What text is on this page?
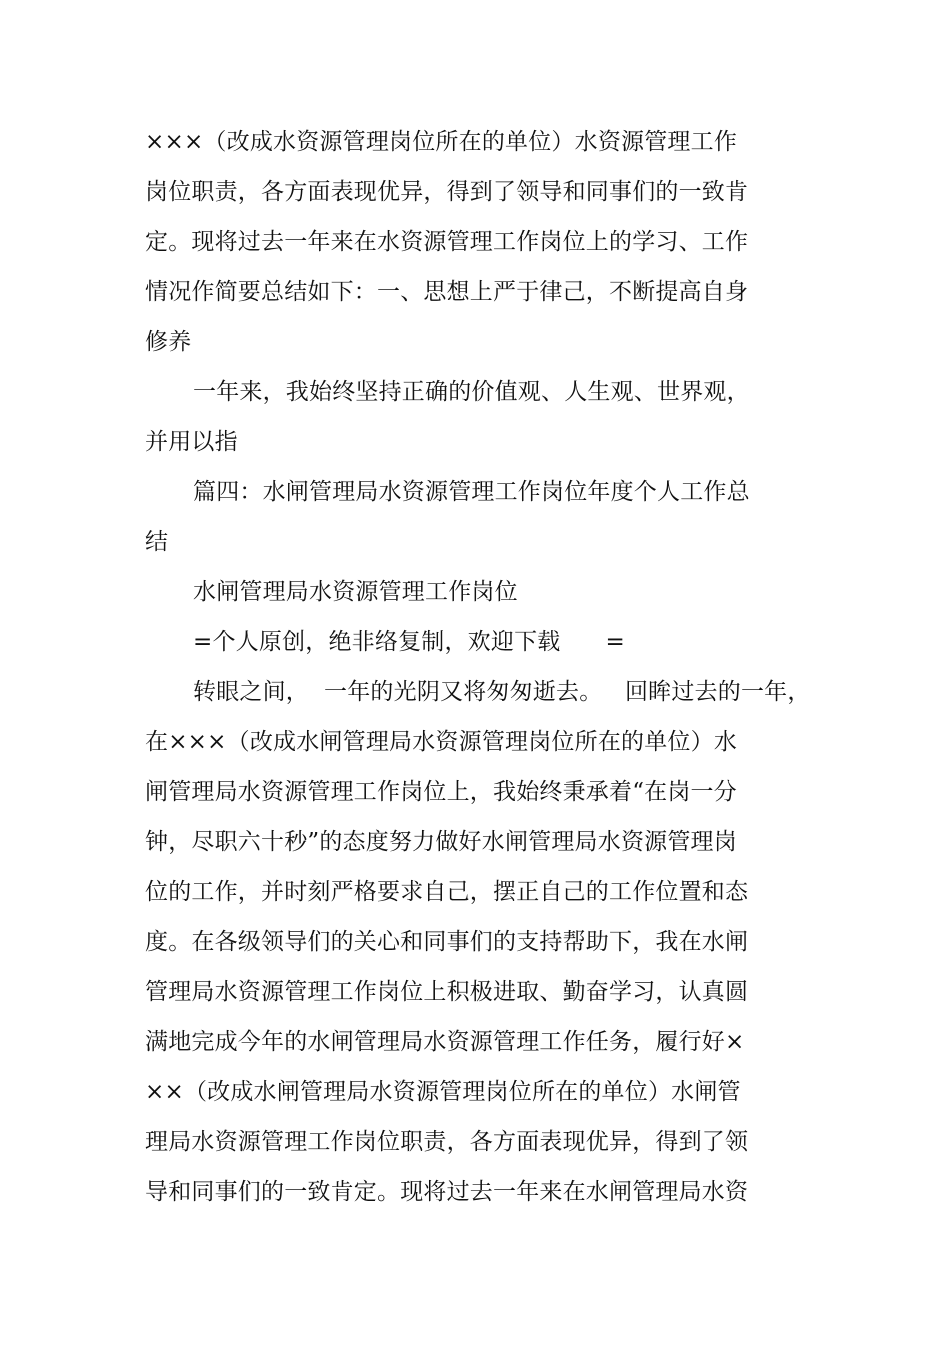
×××（改成水资源管理岗位所在的单位）水资源管理工作
岗位职责，各方面表现优异，得到了领导和同事们的一致肯
定。现将过去一年来在水资源管理工作岗位上的学习、工作
情况作简要总结如下：一、思想上严于律己，不断提高自身
修养
一年来，我始终坚持正确的价值观、人生观、世界观，
并用以指
篇四：水闸管理局水资源管理工作岗位年度个人工作总
结
水闸管理局水资源管理工作岗位
=个人原创，绝非络复制，欢迎下载      =
转眼之间，  一年的光阴又将匆匆逝去。   回眸过去的一年，
在×××（改成水闸管理局水资源管理岗位所在的单位）水
闸管理局水资源管理工作岗位上，我始终秉承着“在岗一分
钟，尽职六十秒”的态度努力做好水闸管理局水资源管理岗
位的工作，并时刻严格要求自己，摆正自己的工作位置和态
度。在各级领导们的关心和同事们的支持帮助下，我在水闸
管理局水资源管理工作岗位上积极进取、勤奋学习，认真圆
满地完成今年的水闸管理局水资源管理工作任务，履行好×
××（改成水闸管理局水资源管理岗位所在的单位）水闸管
理局水资源管理工作岗位职责，各方面表现优异，得到了领
导和同事们的一致肯定。现将过去一年来在水闸管理局水资
